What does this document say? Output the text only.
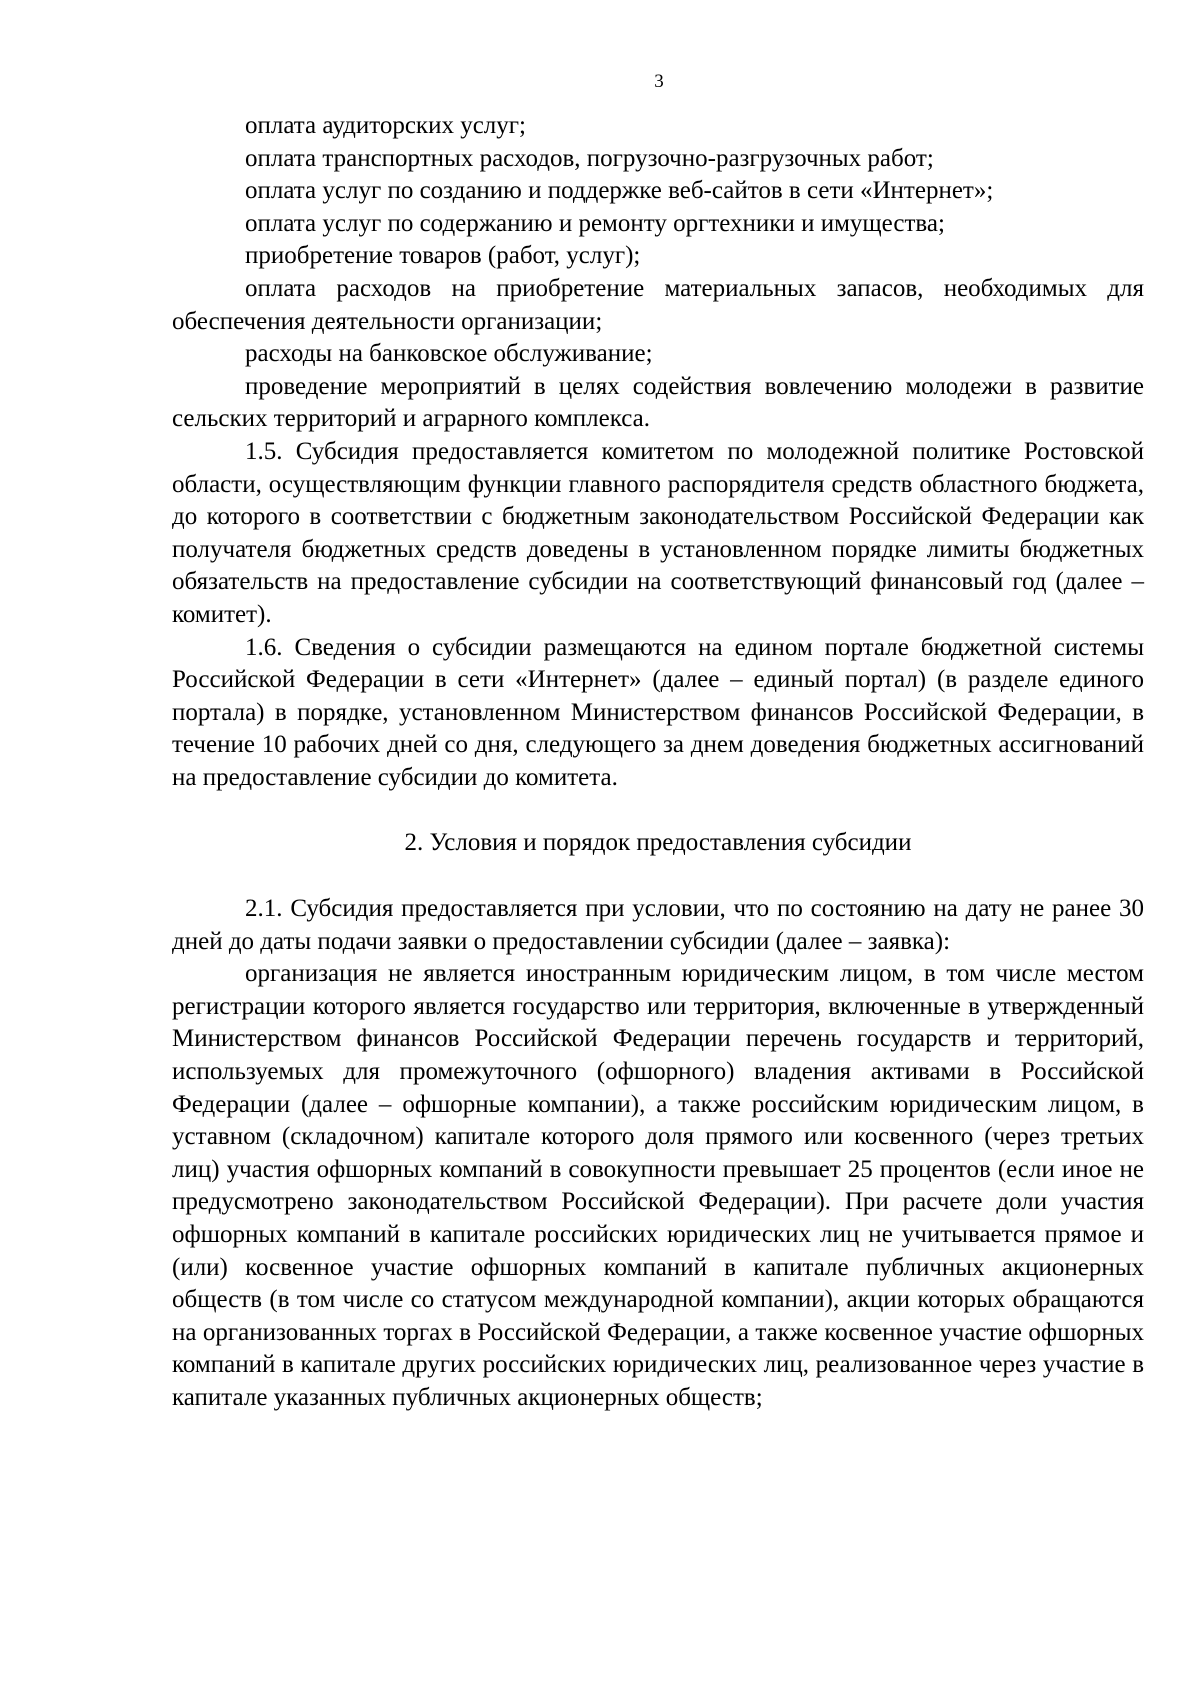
3

оплата аудиторских услуг;

оплата транспортных расходов, погрузочно-разгрузочных работ;

оплата услуг по созданию и поддержке веб-сайтов в сети «Интернет»;

оплата услуг по содержанию и ремонту оргтехники и имущества;

приобретение товаров (работ, услуг);

оплата расходов на приобретение материальных запасов, необходимых для обеспечения деятельности организации;

расходы на банковское обслуживание;

проведение мероприятий в целях содействия вовлечению молодежи в развитие сельских территорий и аграрного комплекса.

1.5. Субсидия предоставляется комитетом по молодежной политике Ростовской области, осуществляющим функции главного распорядителя средств областного бюджета, до которого в соответствии с бюджетным законодательством Российской Федерации как получателя бюджетных средств доведены в установленном порядке лимиты бюджетных обязательств на предоставление субсидии на соответствующий финансовый год (далее – комитет).

1.6. Сведения о субсидии размещаются на едином портале бюджетной системы Российской Федерации в сети «Интернет» (далее – единый портал) (в разделе единого портала) в порядке, установленном Министерством финансов Российской Федерации, в течение 10 рабочих дней со дня, следующего за днем доведения бюджетных ассигнований на предоставление субсидии до комитета.

2. Условия и порядок предоставления субсидии

2.1. Субсидия предоставляется при условии, что по состоянию на дату не ранее 30 дней до даты подачи заявки о предоставлении субсидии (далее – заявка):

организация не является иностранным юридическим лицом, в том числе местом регистрации которого является государство или территория, включенные в утвержденный Министерством финансов Российской Федерации перечень государств и территорий, используемых для промежуточного (офшорного) владения активами в Российской Федерации (далее – офшорные компании), а также российским юридическим лицом, в уставном (складочном) капитале которого доля прямого или косвенного (через третьих лиц) участия офшорных компаний в совокупности превышает 25 процентов (если иное не предусмотрено законодательством Российской Федерации). При расчете доли участия офшорных компаний в капитале российских юридических лиц не учитывается прямое и (или) косвенное участие офшорных компаний в капитале публичных акционерных обществ (в том числе со статусом международной компании), акции которых обращаются на организованных торгах в Российской Федерации, а также косвенное участие офшорных компаний в капитале других российских юридических лиц, реализованное через участие в капитале указанных публичных акционерных обществ;
